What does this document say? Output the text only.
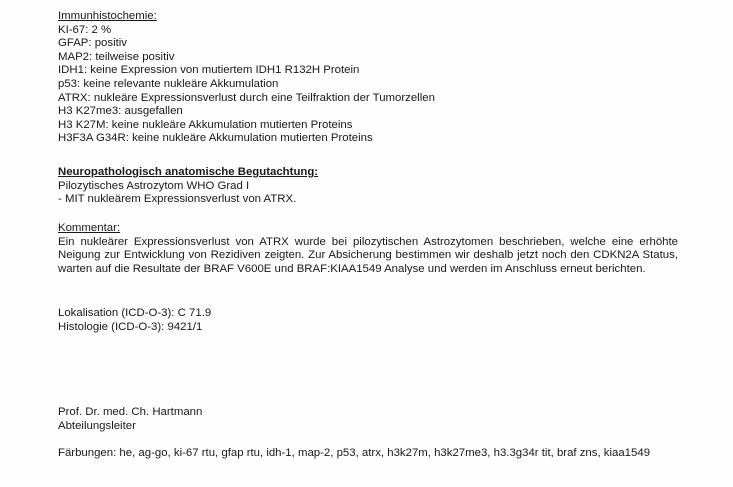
Immunhistochemie:

KI-67: 2 %

GFAP: positiv

MAP2: teilweise positiv

IDH1: keine Expression von mutiertem IDH1 R132H Protein

p53: keine relevante nukleäre Akkumulation

ATRX: nukleäre Expressionsverlust durch eine Teilfraktion der Tumorzellen

H3 K27me3: ausgefallen

H3 K27M: keine nukleäre Akkumulation mutierten Proteins

H3F3A G34R: keine nukleäre Akkumulation mutierten Proteins

Neuropathologisch anatomische Begutachtung:

Pilozytisches Astrozytom WHO Grad I

- MIT nukleärem Expressionsverlust von ATRX.

Kommentar:

Ein nukleärer Expressionsverlust von ATRX wurde bei pilozytischen Astrozytomen beschrieben, welche eine erhöhte Neigung zur Entwicklung von Rezidiven zeigten. Zur Absicherung bestimmen wir deshalb jetzt noch den CDKN2A Status, warten auf die Resultate der BRAF V600E und BRAF:KIAA1549 Analyse und werden im Anschluss erneut berichten.

Lokalisation (ICD-O-3): C 71.9

Histologie (ICD-O-3): 9421/1

Prof. Dr. med. Ch. Hartmann

Abteilungsleiter

Färbungen: he, ag-go, ki-67 rtu, gfap rtu, idh-1, map-2, p53, atrx, h3k27m, h3k27me3, h3.3g34r tit, braf zns, kiaa1549
